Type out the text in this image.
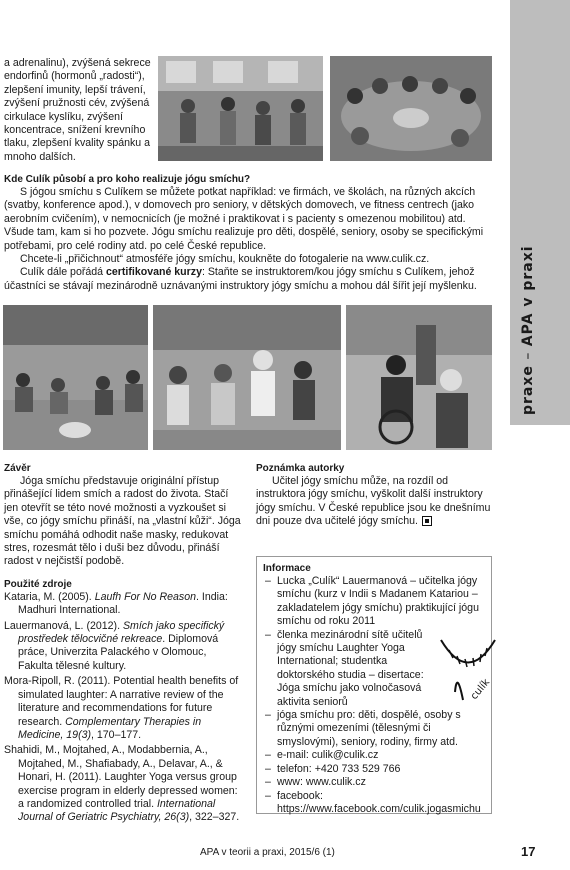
praxe – APA v praxi

a adrenalinu), zvýšená sekrece endorfinů (hormonů „radosti“), zlepšení imunity, lepší trávení, zvýšení pružnosti cév, zvýšená cirkulace kyslíku, zvýšení koncentrace, snížení krevního tlaku, zlepšení kvality spánku a mnoho dalších.

Kde Culík působí a pro koho realizuje jógu smíchu?

S jógou smíchu s Culíkem se můžete potkat například: ve firmách, ve školách, na různých akcích (svatby, konference apod.), v domovech pro seniory, v dětských domovech, ve fitness centrech (jako aerobním cvičením), v nemocnicích (je možné i praktikovat i s pacienty s omezenou mobilitou) atd. Všude tam, kam si ho pozvete. Jógu smíchu realizuje pro děti, dospělé, seniory, osoby se specifickými potřebami, pro celé rodiny atd. po celé České republice.

Chcete-li „přičichnout“ atmosféře jógy smíchu, koukněte do fotogalerie na www.culik.cz.

Culík dále pořádá certifikované kurzy: Staňte se instruktorem/kou jógy smíchu s Culíkem, jehož účastníci se stávají mezinárodně uznávanými instruktory jógy smíchu a mohou dál šířit její myšlenku.

Závěr

Jóga smíchu představuje originální přístup přinášející lidem smích a radost do života. Stačí jen otevřít se této nové možnosti a vyzkoušet si vše, co jógy smíchu přináší, na „vlastní kůži“. Jóga smíchu pomáhá odhodit naše masky, redukovat stres, rozesmát tělo i duši bez důvodu, přináší radost v nejčistší podobě.

Použité zdroje

Kataria, M. (2005). Laufh For No Reason. India: Madhuri International.

Lauermanová, L. (2012). Smích jako specifický prostředek tělocvičné rekreace. Diplomová práce, Univerzita Palackého v Olomouc, Fakulta tělesné kultury.

Mora-Ripoll, R. (2011). Potential health benefits of simulated laughter: A narrative review of the literature and recommendations for future research. Complementary Therapies in Medicine, 19(3), 170–177.

Shahidi, M., Mojtahed, A., Modabbernia, A., Mojtahed, M., Shafiabady, A., Delavar, A., & Honari, H. (2011). Laughter Yoga versus group exercise program in elderly depressed women: a randomized controlled trial. International Journal of Geriatric Psychiatry, 26(3), 322–327.

Poznámka autorky

Učitel jógy smíchu může, na rozdíl od instruktora jógy smíchu, vyškolit další instruktory jógy smíchu. V České republice jsou ke dnešnímu dni pouze dva učitelé jógy smíchu.

Informace
– Lucka „Culík“ Lauermanová – učitelka jógy smíchu (kurz v Indii s Madanem Katariou – zakladatelem jógy smíchu) praktikující jógu smíchu od roku 2011
– členka mezinárodní sítě učitelů jógy smíchu Laughter Yoga International; studentka doktorského studia – disertace: Jóga smíchu jako volnočasová aktivita seniorů
– jóga smíchu pro: děti, dospělé, osoby s různými omezeními (tělesnými či smyslovými), seniory, rodiny, firmy atd.
– e-mail: culik@culik.cz
– telefon: +420 733 529 766
– www: www.culik.cz
– facebook: https://www.facebook.com/culik.jogasmichu
culík
APA v teorii a praxi, 2015/6 (1)	17
